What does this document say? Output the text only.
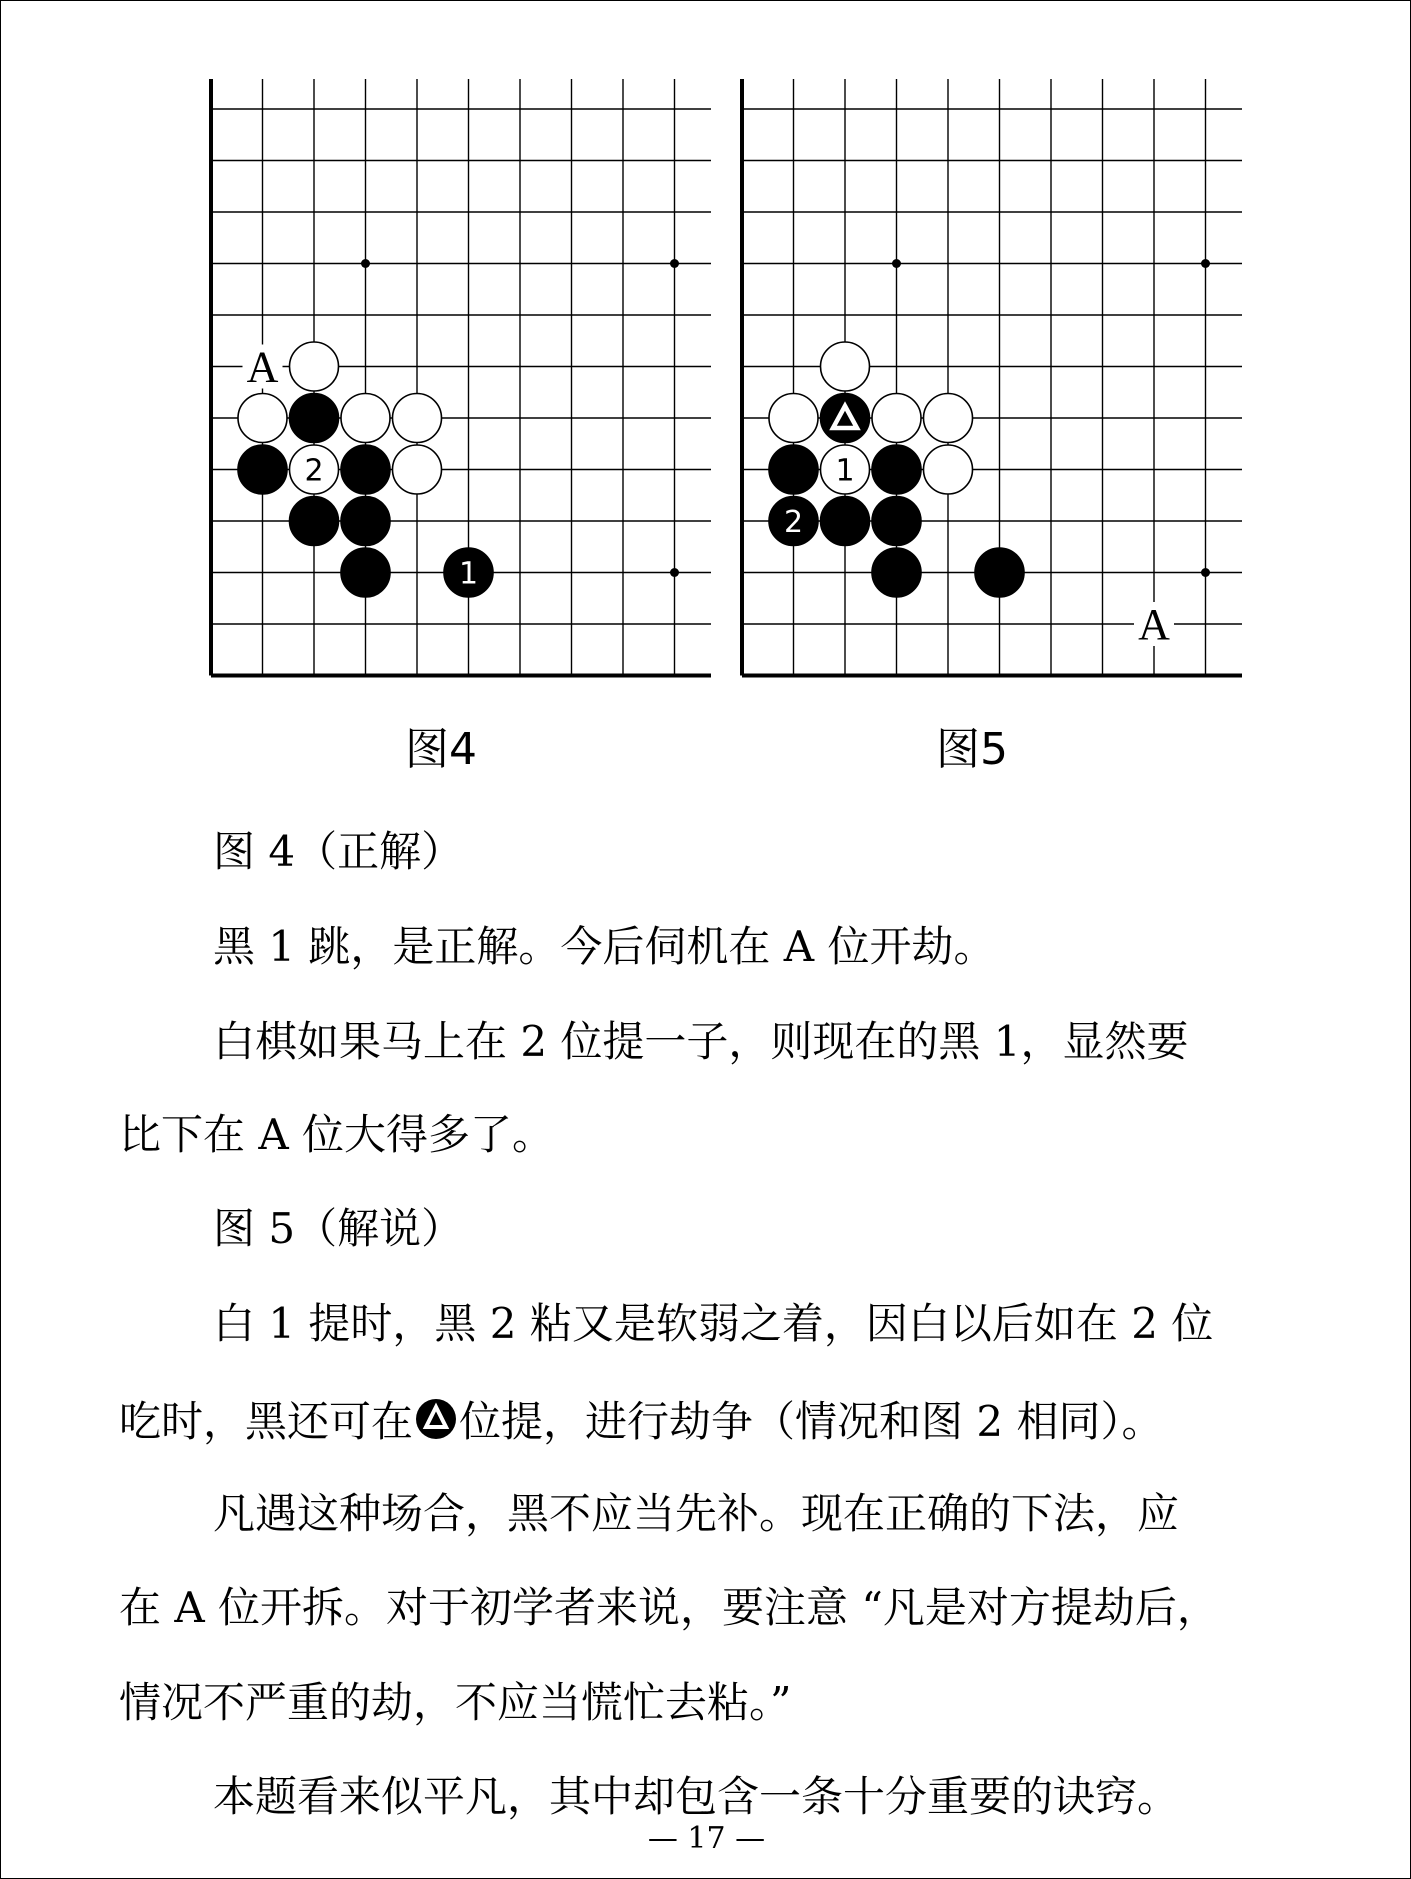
A
2
1
图4
A
1
2
图5
图 4（正解）
黑 1 跳，是正解。今后伺机在 A 位开劫。
白棋如果马上在 2 位提一子，则现在的黑 1，显然要
比下在 A 位大得多了。
图 5（解说）
白 1 提时，黑 2 粘又是软弱之着，因白以后如在 2 位
吃时，黑还可在 位提，进行劫争（情况和图 2 相同）。
凡遇这种场合，黑不应当先补。现在正确的下法，应
在 A 位开拆。对于初学者来说，要注意 “凡是对方提劫后，
情况不严重的劫，不应当慌忙去粘。”
本题看来似平凡，其中却包含一条十分重要的诀窍。
— 17 —
